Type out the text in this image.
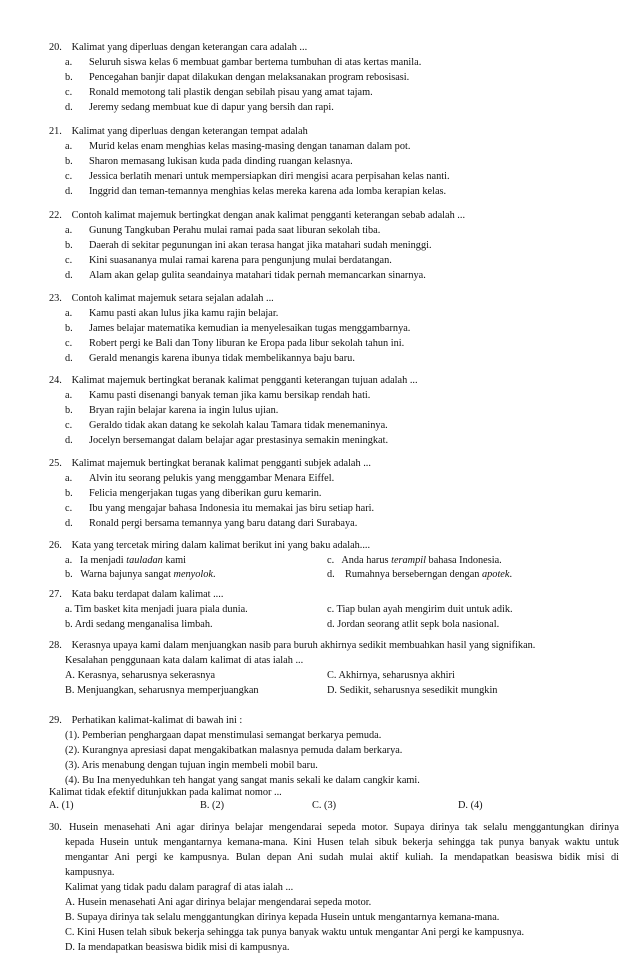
20. Kalimat yang diperluas dengan keterangan cara adalah ...
a. Seluruh siswa kelas 6 membuat gambar bertema tumbuhan di atas kertas manila.
b. Pencegahan banjir dapat dilakukan dengan melaksanakan program rebosisasi.
c. Ronald memotong tali plastik dengan sebilah pisau yang amat tajam.
d. Jeremy sedang membuat kue di dapur yang bersih dan rapi.
21. Kalimat yang diperluas dengan keterangan tempat adalah
a. Murid kelas enam menghias kelas masing-masing dengan tanaman dalam pot.
b. Sharon memasang lukisan kuda pada dinding ruangan kelasnya.
c. Jessica berlatih menari untuk mempersiapkan diri mengisi acara perpisahan kelas nanti.
d. Inggrid dan teman-temannya menghias kelas mereka karena ada lomba kerapian kelas.
22. Contoh kalimat majemuk bertingkat dengan anak kalimat pengganti keterangan sebab adalah ...
a. Gunung Tangkuban Perahu mulai ramai pada saat liburan sekolah tiba.
b. Daerah di sekitar pegunungan ini akan terasa hangat jika matahari sudah meninggi.
c. Kini suasananya mulai ramai karena para pengunjung mulai berdatangan.
d. Alam akan gelap gulita seandainya matahari tidak pernah memancarkan sinarnya.
23. Contoh kalimat majemuk setara sejalan adalah ...
a. Kamu pasti akan lulus jika kamu rajin belajar.
b. James belajar matematika kemudian ia menyelesaikan tugas menggambarnya.
c. Robert pergi ke Bali dan Tony liburan ke Eropa pada libur sekolah tahun ini.
d. Gerald menangis karena ibunya tidak membelikannya baju baru.
24. Kalimat majemuk bertingkat beranak kalimat pengganti keterangan tujuan adalah ...
a. Kamu pasti disenangi banyak teman jika kamu bersikap rendah hati.
b. Bryan rajin belajar karena ia ingin lulus ujian.
c. Geraldo tidak akan datang ke sekolah kalau Tamara tidak menemaninya.
d. Jocelyn bersemangat dalam belajar agar prestasinya semakin meningkat.
25. Kalimat majemuk bertingkat beranak kalimat pengganti subjek adalah ...
a. Alvin itu seorang pelukis yang menggambar Menara Eiffel.
b. Felicia mengerjakan tugas yang diberikan guru kemarin.
c. Ibu yang mengajar bahasa Indonesia itu memakai jas biru setiap hari.
d. Ronald pergi bersama temannya yang baru datang dari Surabaya.
26. Kata yang tercetak miring dalam kalimat berikut ini yang baku adalah....
a. Ia menjadi tauladan kami	c. Anda harus terampil bahasa Indonesia.
b. Warna bajunya sangat menyolok.	d. Rumahnya berseberngan dengan apotek.
27. Kata baku terdapat dalam kalimat ....
a. Tim basket kita menjadi juara piala dunia.	c. Tiap bulan ayah mengirim duit untuk adik.
b. Ardi sedang menganalisa limbah.	d. Jordan seorang atlit sepk bola nasional.
28. Kerasnya upaya kami dalam menjuangkan nasib para buruh akhirnya sedikit membuahkan hasil yang signifikan.
Kesalahan penggunaan kata dalam kalimat di atas ialah ...
A. Kerasnya, seharusnya sekerasnya	C. Akhirnya, seharusnya akhiri
B. Menjuangkan, seharusnya memperjuangkan	D. Sedikit, seharusnya sesedikit mungkin
29. Perhatikan kalimat-kalimat di bawah ini :
(1). Pemberian penghargaan dapat menstimulasi semangat berkarya pemuda.
(2). Kurangnya apresiasi dapat mengakibatkan malasnya pemuda dalam berkarya.
(3). Aris menabung dengan tujuan ingin membeli mobil baru.
(4). Bu Ina menyeduhkan teh hangat yang sangat manis sekali ke dalam cangkir kami.
Kalimat tidak efektif ditunjukkan pada kalimat nomor ...
A. (1)	B. (2)	C. (3)	D. (4)
30. Husein menasehati Ani agar dirinya belajar mengendarai sepeda motor. Supaya dirinya tak selalu menggantungkan dirinya kepada Husein untuk mengantarnya kemana-mana. Kini Husen telah sibuk bekerja sehingga tak punya banyak waktu untuk mengantar Ani pergi ke kampusnya. Bulan depan Ani sudah mulai aktif kuliah. Ia mendapatkan beasiswa bidik misi di kampusnya.
Kalimat yang tidak padu dalam paragraf di atas ialah ...
A. Husein menasehati Ani agar dirinya belajar mengendarai sepeda motor.
B. Supaya dirinya tak selalu menggantungkan dirinya kepada Husein untuk mengantarnya kemana-mana.
C. Kini Husen telah sibuk bekerja sehingga tak punya banyak waktu untuk mengantar Ani pergi ke kampusnya.
D. Ia mendapatkan beasiswa bidik misi di kampusnya.
